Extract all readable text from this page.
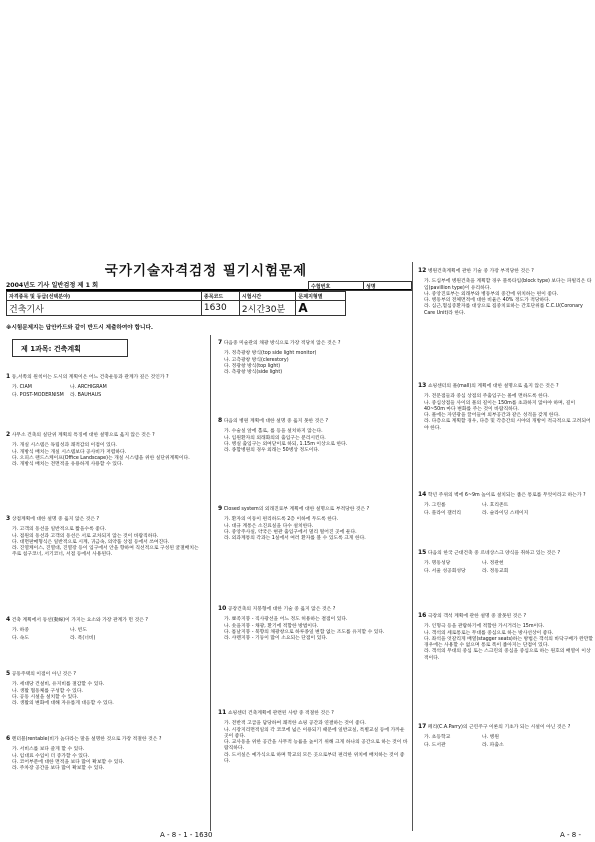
국가기술자격검정 필기시험문제
2004년도 기사 일반검정 제 1 회	수험번호	성명
자격종목 및 등급(선택분야)	종목코드	시험시간	문제지형별
건축기사	1630	2시간30분	A
※시험문제지는 답안카드와 같이 반드시 제출하여야 합니다.
제 1과목: 건축계획
1 동,서쪽의 원칙이는 도시의 계획이온 어느 건축운동과 관계가 깊은 것인가 ?
가. CIAM	나. ARCHIGRAM
다. POST-MODERNISM	라. BAUHAUS
2 사무소 건축의 실단위 계획의 특징에 대한 설명으로 옳지 않은 것은 ?
가. 개실 시스템은 독립성과 쾌적감의 이점이 있다.
나. 개방식 배치는 개실 시스템보다 공사비가 저렴하다.
다. 오피스 랜드스케이프(Office Landscape)는 개실 시스템을 위한 실단위계획이다.
라. 개방식 배치는 전면적을 유용하게 사용할 수 있다.
3 상점계획에 대한 설명 중 옳지 않은 것은 ?
가. 고객의 동선을 일반적으로 짧을수록 좋다.
나. 점원의 동선과 고객의 동선은 서로 교차되지 않는 것이 바람직하다.
다. 대면판매형식은 일반적으로 시계, 귀금속, 의약품 상점 등에서 쓰여진다.
라. 진열케이스, 진열대, 진열장 등이 입구에서 안을 향하여 직선적으로 구성된 굴절배치는 주로 침구코너, 서기코너, 서점 등에서 사용된다.
4 건축 계획에서 동선(動線)이 가지는 요소와 가장 관계가 먼 것은 ?
가. 하중	나. 빈도
다. 속도	라. 폭(너비)
5 공동주택의 이점이 아닌 것은 ?
가. 세대당 건설비, 유지비를 절감할 수 있다.
나. 생활 협동체를 구성할 수 있다.
다. 공동 시설을 설치할 수 있다.
라. 생활의 변화에 대해 자유롭게 대응할 수 있다.
6 렌터블(rentable)비가 높다라는 말을 설명한 것으로 가장 적절한 것은 ?
가. 서비스를 보다 즐게 할 수 있다.
나. 임대료 수입이 더 증가할 수 있다.
다. 코어부분에 대한 면적을 보다 많이 확보할 수 있다.
라. 주차장 공간을 보다 많이 확보할 수 있다.
7 다음중 미술관의 채광 방식으로 가장 적당치 않은 것은 ?
가. 정측광창 방식(top side light monitor)
나. 고측광창 방식(clerestory)
다. 정광창 방식(top light)
라. 측광창 방식(side light)
8 다음의 병원 계획에 대한 설명 중 옳지 못한 것은 ?
가. 수술실 앞에 홀로, 를 등을 설치하지 않는다.
나. 입원환자의 외래화의의 출입구는 분리시킨다.
다. 병실 출입구는 외여닫이로 하되, 1.15m 이상으로 한다.
라. 종합병원의 경우 외래는 50병상 정도이다.
9 Closed system의 외래진료부 계획에 대한 설명으로 부적당한 것은 ?
가. 환자의 이동이 편리하도록 2층 이하에 두도록 한다.
나. 대규 계통은 소진료실을 다수 설치한다.
다. 중앙주사실, 약국은 현관 출입구에서 멀리 떨어진 곳에 둔다.
라. 외과계통의 각과는 1실에서 여러 환자를 볼 수 있도록 크게 한다.
10 공장건축의 지붕형에 대한 기술 중 옳지 않은 것은 ?
가. 뾰족지붕 - 직사광선을 어느 정도 허용하는 결점이 있다.
나. 솟을지붕 - 채광, 환기에 적합한 방법이다.
다. 톱날지붕 - 북향의 채광창으로 하루종일 변함 없는 조도를 유지할 수 있다.
라. 샤렌지붕 - 기둥이 많이 소요되는 단점이 있다.
11 쇼핑센터 건축계획에 관련된 사항 중 적절한 것은 ?
가. 전반적 고급을 담당하여 쾌적한 쇼핑 공간과 연결하는 것이 좋다.
나. 시장지리면적일의 각 코코에 넓은 이용되기 때문에 일반교실, 특별교실 등에 가까운 곳이 좋다.
다. 교사동을 위한 공간을 사무적 능률을 높이기 위해 크게 하나의 공간으로 하는 것이 바람직하다.
라. 도서실은 예가식으로 하며 학교의 모든 곳으로부터 편리한 위치에 배치하는 것이 좋다.
12 병원건축계획에 관한 기술 중 가장 부적당한 것은 ?
가. 도심부에 병원건축을 계획할 경우 블록타입(block type) 보다는 파빌리온 타입(pavillion type)이 유리하다.
나. 중앙진료부는 외래부와 병동부의 중간에 위치하는 편이 좋다.
다. 병동부의 전체면적에 대한 비율은 40% 정도가 적당하다.
라. 심근,혈심증환자를 대상으로 집중치료하는 간호단위를 C.C.U(Coronary Care Unit)라 한다.
13 쇼핑센터의 몰(mall)의 계획에 대한 설명으로 옳지 않은 것은 ?
가. 전문점들과 중심 상점의 주출입구는 몰에 면하도록 한다.
나. 중심상점들 사이의 몰의 길이는 150m를 초과하지 않아야 하며, 길이 40~50m 마다 변화를 주는 것이 바람직하다.
다. 몰에는 자연광을 끌어들여 외부공간과 같은 성격을 갖게 한다.
라. 다층으로 계획할 경우, 다층 및 각층간의 시야의 개방이 적극적으로 고려되어야 한다.
14 학년 주위의 벽에 6~9m 높이로 설치되는 좁은 통로를 무엇이라고 하는가 ?
가. 그린룸	나. 호리존트
다. 플라이 갤러리	라. 슬라이딩 스테이지
15 다음의 한국 근대건축 중 르네상스크 양식을 취하고 있는 것은 ?
가. 명동성당	나. 정관헌
다. 서울 성공회성당	라. 정동교회
16 극장의 객석 계획에 관한 설명 중 잘못된 것은 ?
가. 인형극 등을 관람하기에 적합한 가시거리는 15m이다.
나. 객석의 세로통로는 무대를 중심으로 하는 방사선상이 좋다.
다. 좌석을 엇갈리게 배열(stagger seats)하는 방법은 객석의 바닥구배가 완만할 경우에는 사용할 수 없으며 통로 폭이 좁아지는 단점이 있다.
라. 객석의 무대의 중심 또는 스크린의 중심을 중심으로 하는 원호의 배열이 이상적이다.
17 페리(C.A.Parry)의 근린주구 이론의 기초가 되는 시설이 아닌 것은 ?
가. 초등학교	나. 병원
다. 도서관	라. 파출소
A - 8 - 1 - 1630	A - 8 -
